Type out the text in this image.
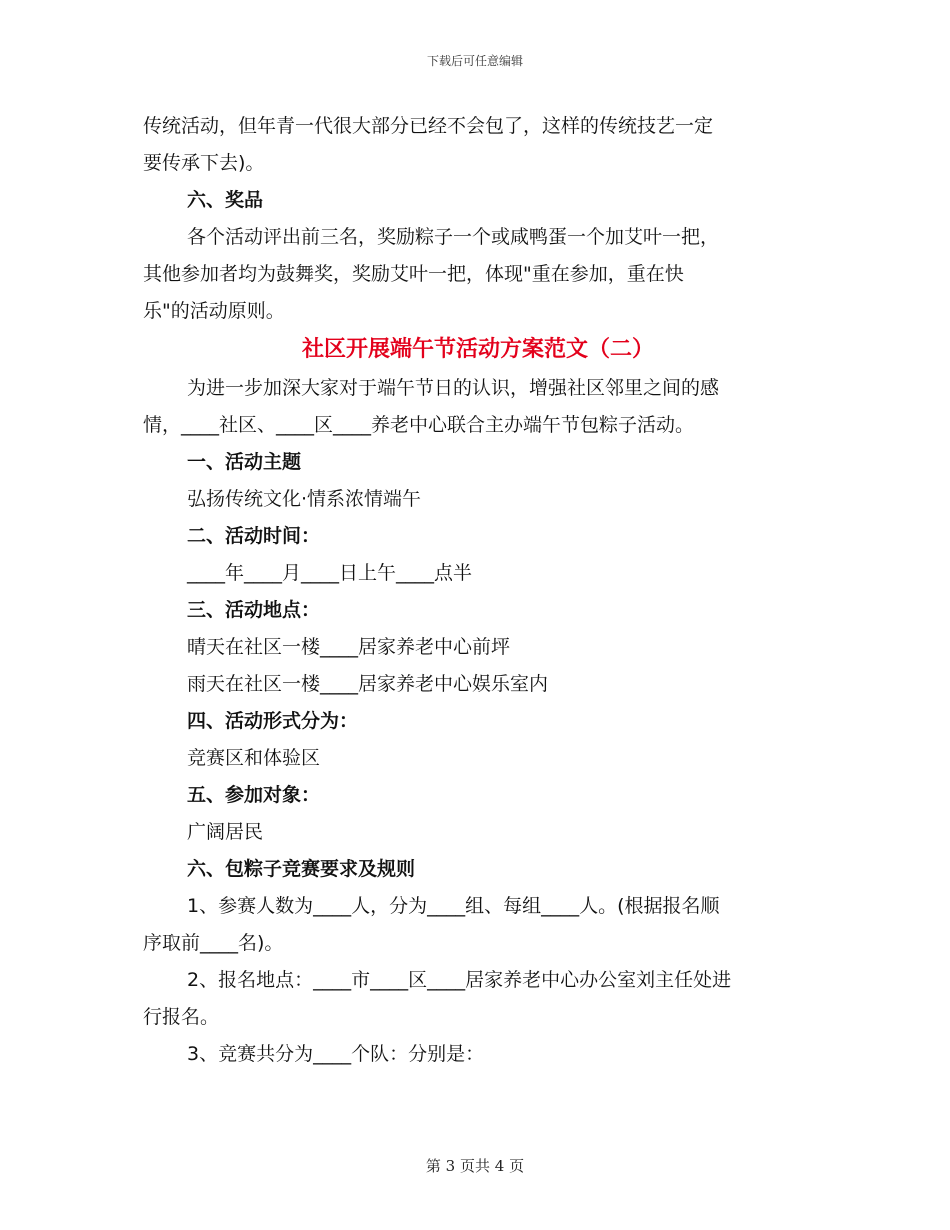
下载后可任意编辑

传统活动，但年青一代很大部分已经不会包了，这样的传统技艺一定

要传承下去)。

六、奖品

各个活动评出前三名，奖励粽子一个或咸鸭蛋一个加艾叶一把，

其他参加者均为鼓舞奖，奖励艾叶一把，体现"重在参加，重在快

乐"的活动原则。

社区开展端午节活动方案范文（二）

为进一步加深大家对于端午节日的认识，增强社区邻里之间的感

情，____社区、____区____养老中心联合主办端午节包粽子活动。

一、活动主题

弘扬传统文化·情系浓情端午

二、活动时间：

____年____月____日上午____点半

三、活动地点：

晴天在社区一楼____居家养老中心前坪

雨天在社区一楼____居家养老中心娱乐室内

四、活动形式分为：

竞赛区和体验区

五、参加对象：

广阔居民

六、包粽子竞赛要求及规则

1、参赛人数为____人，分为____组、每组____人。(根据报名顺

序取前____名)。

2、报名地点：____市____区____居家养老中心办公室刘主任处进

行报名。

3、竞赛共分为____个队：分别是：

第 3 页共 4 页
